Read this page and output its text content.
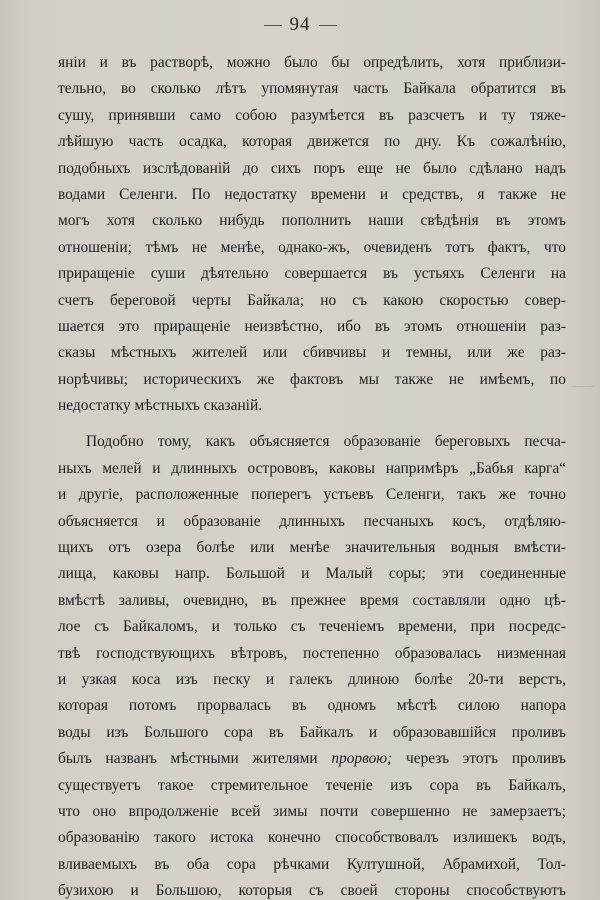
94
янiи и въ растворѣ, можно было бы опредѣлить, хотя приблизи-
тельно, во сколько лѣтъ упомянутая часть Байкала обратится въ
сушу, принявши само собою разумѣется въ разсчетъ и ту тяже-
лѣйшую часть осадка, которая движется по дну. Къ сожалѣнію,
подобныхъ изслѣдованiй до сихъ поръ еще не было сдѣлано надъ
водами Селенги. По недостатку времени и средствъ, я также не
могъ хотя сколько нибудь пополнить наши свѣдѣнія въ этомъ
отношенiи; тѣмъ не менѣе, однако-жъ, очевиденъ тотъ фактъ, что
приращенiе суши дѣятельно совершается въ устьяхъ Селенги на
счетъ береговой черты Байкала; но съ какою скоростью совер-
шается это приращенiе неизвѣстно, ибо въ этомъ отношенiи раз-
сказы мѣстныхъ жителей или сбивчивы и темны, или же раз-
норѣчивы; историческихъ же фактовъ мы также не имѣемъ, по
недостатку мѣстныхъ сказанiй.
Подобно тому, какъ объясняется образованiе береговыхъ песча-
ныхъ мелей и длинныхъ острововъ, каковы напримѣръ „Бабья карга“
и другiе, расположенные поперегъ устьевъ Селенги, такъ же точно
объясняется и образованiе длинныхъ песчаныхъ косъ, отдѣляю-
щихъ отъ озера болѣе или менѣе значительныя водныя вмѣсти-
лища, каковы напр. Большой и Малый соры; эти соединенные
вмѣстѣ заливы, очевидно, въ прежнее время составляли одно цѣ-
лое съ Байкаломъ, и только съ теченiемъ времени, при посредс-
твѣ господствующихъ вѣтровъ, постепенно образовалась низменная
и узкая коса изъ песку и галекъ длиною болѣе 20-ти верстъ,
которая потомъ прорвалась въ одномъ мѣстѣ силою напора
воды изъ Большого сора въ Байкалъ и образовавшiйся проливъ
былъ названъ мѣстными жителями прорвою; черезъ этотъ проливъ
существуетъ такое стремительное теченiе изъ сора въ Байкалъ,
что оно впродолженiе всей зимы почти совершенно не замерзаетъ;
образованiю такого истока конечно способствовалъ излишекъ водъ,
вливаемыхъ въ оба сора рѣчками Култушной, Абрамихой, Тол-
бузихою и Большою, которыя съ своей стороны способствуютъ
